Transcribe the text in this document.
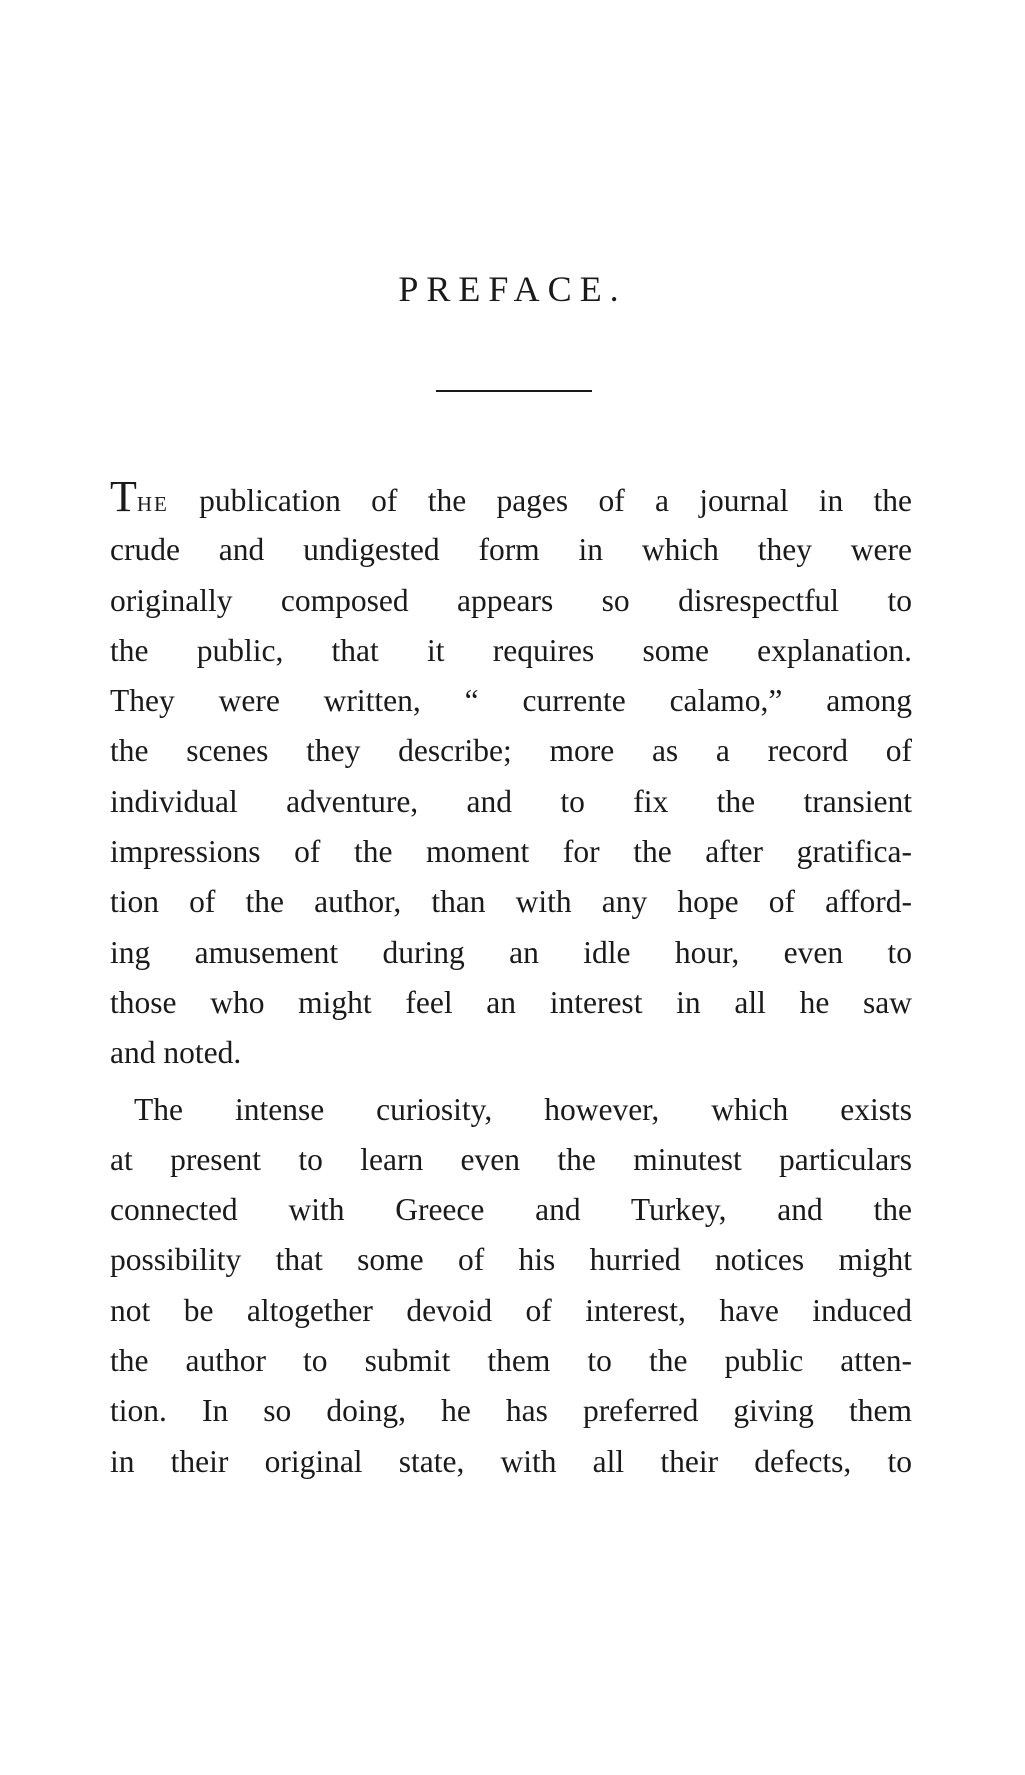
PREFACE.
THE publication of the pages of a journal in the
crude and undigested form in which they were
originally composed appears so disrespectful to
the public, that it requires some explanation.
They were written, “ currente calamo,” among
the scenes they describe; more as a record of
individual adventure, and to fix the transient
impressions of the moment for the after gratifica-
tion of the author, than with any hope of afford-
ing amusement during an idle hour, even to
those who might feel an interest in all he saw
and noted.
The intense curiosity, however, which exists
at present to learn even the minutest particulars
connected with Greece and Turkey, and the
possibility that some of his hurried notices might
not be altogether devoid of interest, have induced
the author to submit them to the public atten-
tion. In so doing, he has preferred giving them
in their original state, with all their defects, to
